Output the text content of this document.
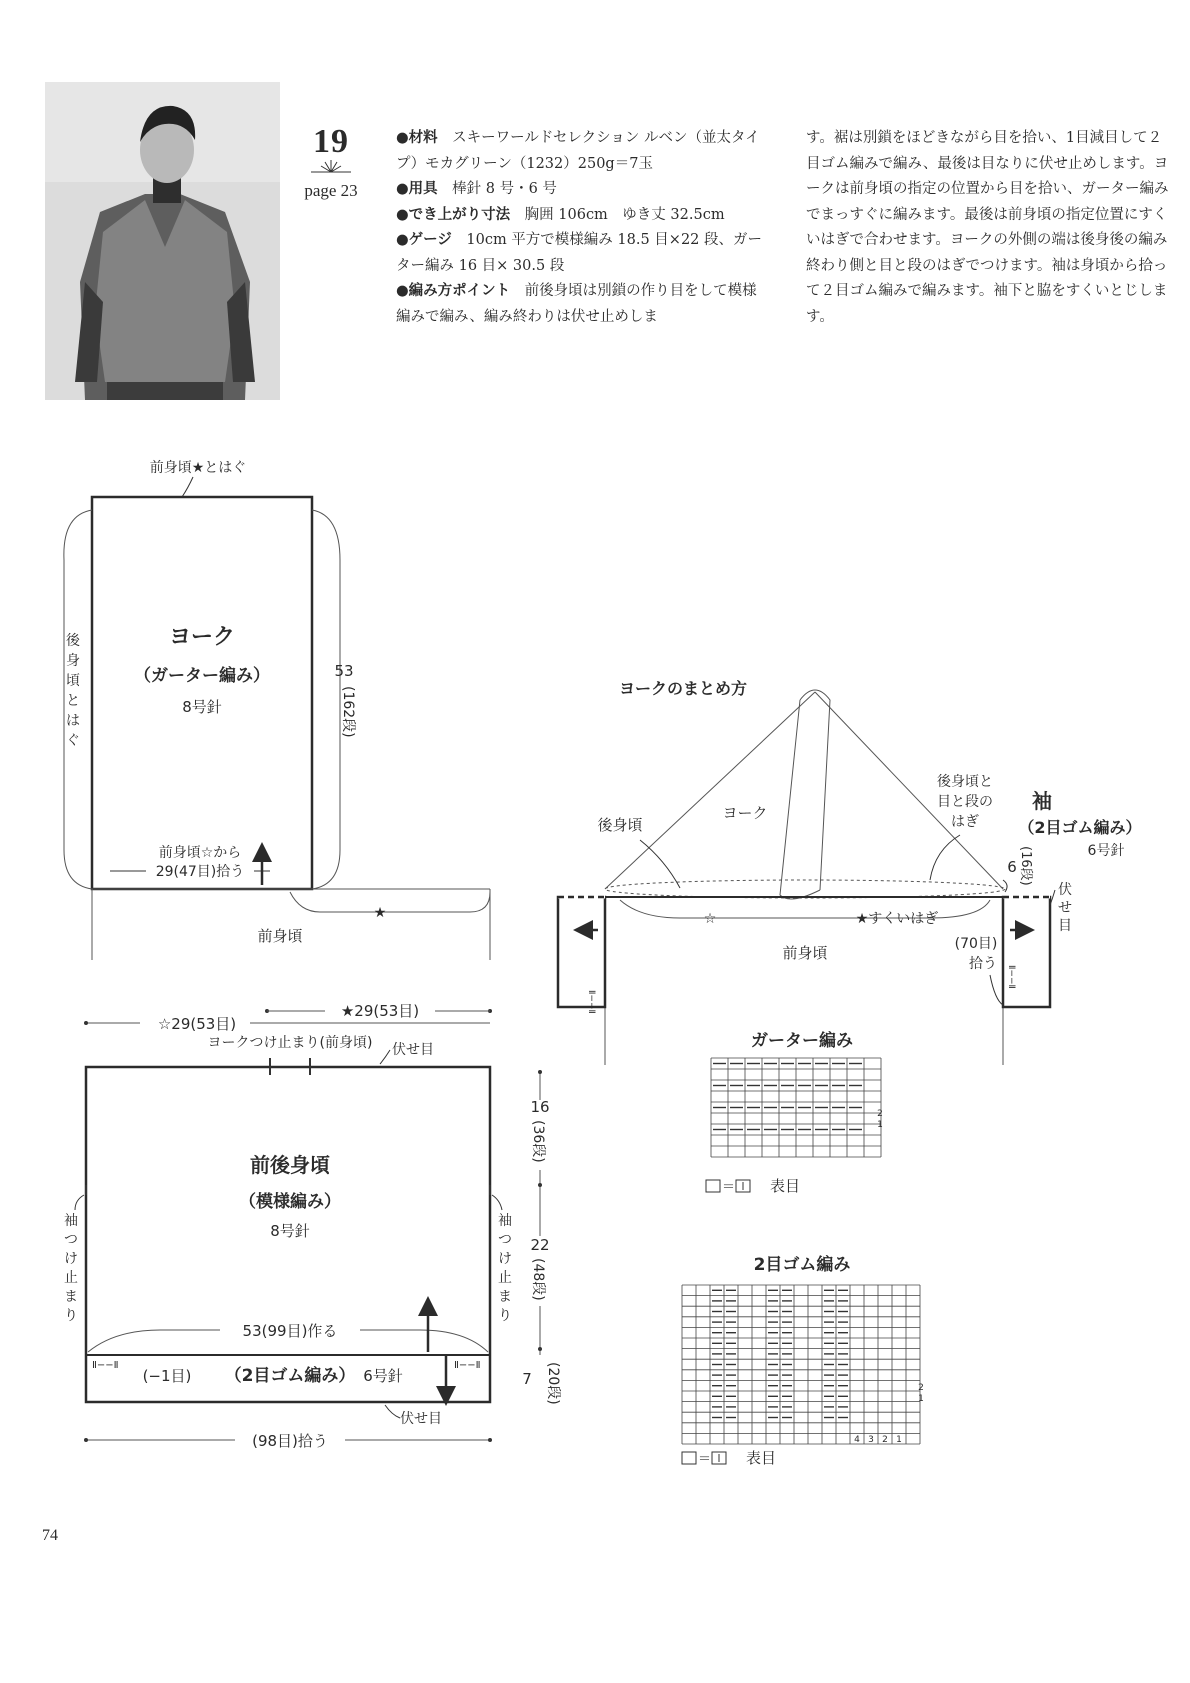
19
page 23

●材料　 スキーワールドセレクション ルベン（並太タイプ）モカグリーン（1232）250g＝7玉

●用具　 棒針 8 号・6 号

●でき上がり寸法　 胸囲 106cm　ゆき丈 32.5cm

●ゲージ　 10cm 平方で模様編み 18.5 目×22 段、ガーター編み 16 目× 30.5 段

●編み方ポイント　 前後身頃は別鎖の作り目をして模様編みで編み、編み終わりは伏せ止めしま

す。裾は別鎖をほどきながら目を拾い、1目減目して２目ゴム編みで編み、最後は目なりに伏せ止めします。ヨークは前身頃の指定の位置から目を拾い、ガーター編みでまっすぐに編みます。最後は前身頃の指定位置にすくいはぎで合わせます。ヨークの外側の端は後身後の編み終わり側と目と段のはぎでつけます。袖は身頃から拾って２目ゴム編みで編みます。袖下と脇をすくいとじします。

前身頃★とはぐ
後身頃とはぐ
ヨーク
（ガーター編み）
8号針
53
(162段)
前身頃☆から
29(47目)拾う
★
前身頃
☆29(53目)
★29(53目)
ヨークつけ止まり(前身頃) 伏せ目
前後身頃
（模様編み）
8号針
袖つけ止まり
袖つけ止まり
16
(36段)
22
(48段)
7 (20段)
53(99目)作る
Ⅱ−−Ⅱ	Ⅱ−−Ⅱ
(−1目) （2目ゴム編み） 6号針
伏せ目
(98目)拾う
ヨークのまとめ方
ヨーク
後身頃
後身頃と
目と段の
はぎ
袖
（2目ゴム編み）
6号針
6 (16段)
☆	★すくいはぎ
前身頃
Ⅱ−−Ⅱ
Ⅱ−−Ⅱ
伏せ目
(70目)
拾う
ガーター編み
2
1
＝ 表目
2目ゴム編み
2
1
4 3 2 1
＝ 表目
74
